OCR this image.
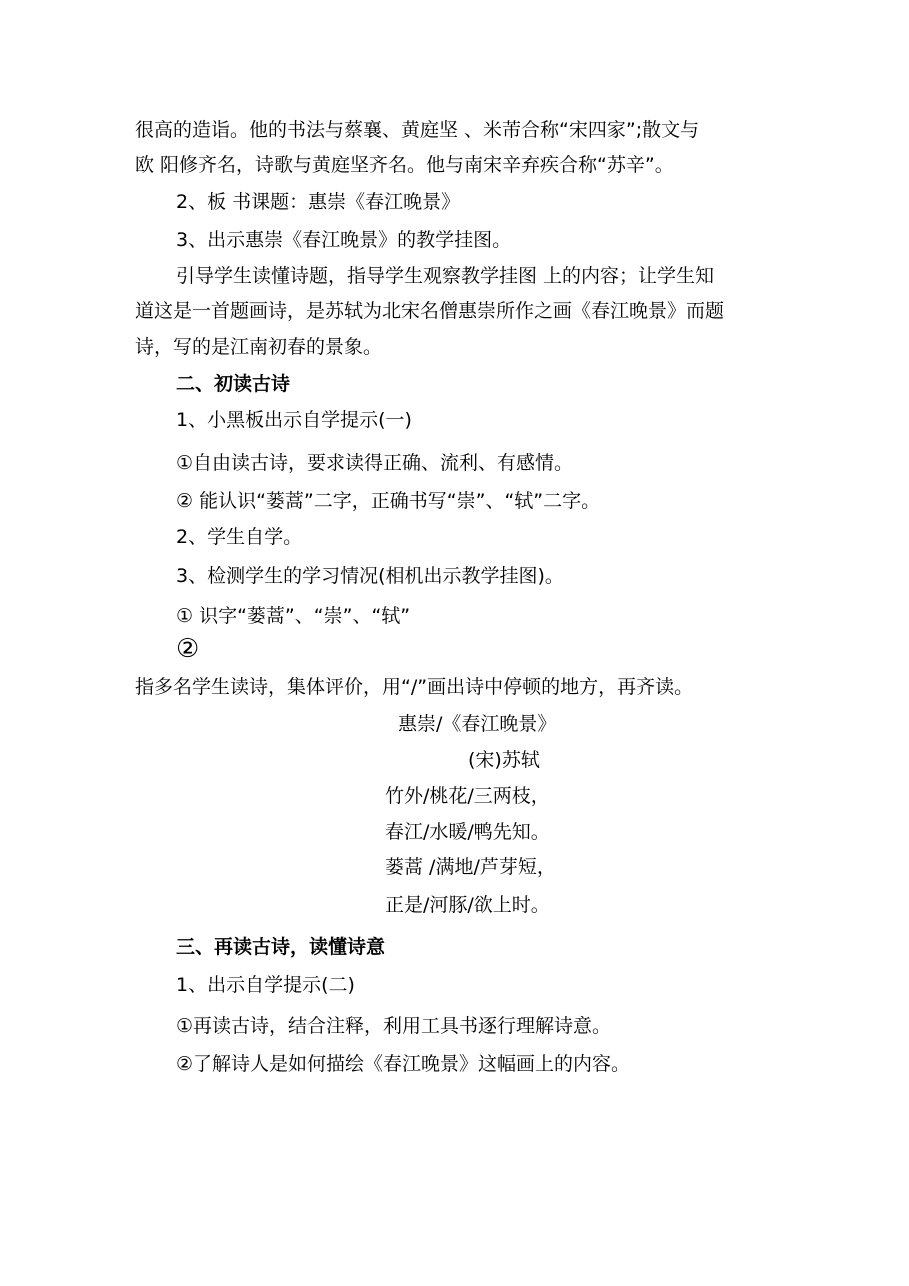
很高的造诣。他的书法与蔡襄、黄庭坚 、米芾合称“宋四家”;散文与

欧 阳修齐名，诗歌与黄庭坚齐名。他与南宋辛弃疾合称“苏辛”。

2、板 书课题：惠崇《春江晚景》

3、出示惠崇《春江晚景》的教学挂图。

引导学生读懂诗题，指导学生观察教学挂图 上的内容；让学生知

道这是一首题画诗，是苏轼为北宋名僧惠崇所作之画《春江晚景》而题

诗，写的是江南初春的景象。

二、初读古诗

1、小黑板出示自学提示(一)

①自由读古诗，要求读得正确、流利、有感情。

② 能认识“蒌蒿”二字，正确书写“崇”、“轼”二字。

2、学生自学。

3、检测学生的学习情况(相机出示教学挂图)。

① 识字“蒌蒿”、“崇”、“轼”

②

指多名学生读诗，集体评价，用“/”画出诗中停顿的地方，再齐读。

惠崇/《春江晚景》

(宋)苏轼

竹外/桃花/三两枝，

春江/水暖/鸭先知。

蒌蒿 /满地/芦芽短，

正是/河豚/欲上时。

三、再读古诗，读懂诗意

1、出示自学提示(二)

①再读古诗，结合注释，利用工具书逐行理解诗意。

②了解诗人是如何描绘《春江晚景》这幅画上的内容。
